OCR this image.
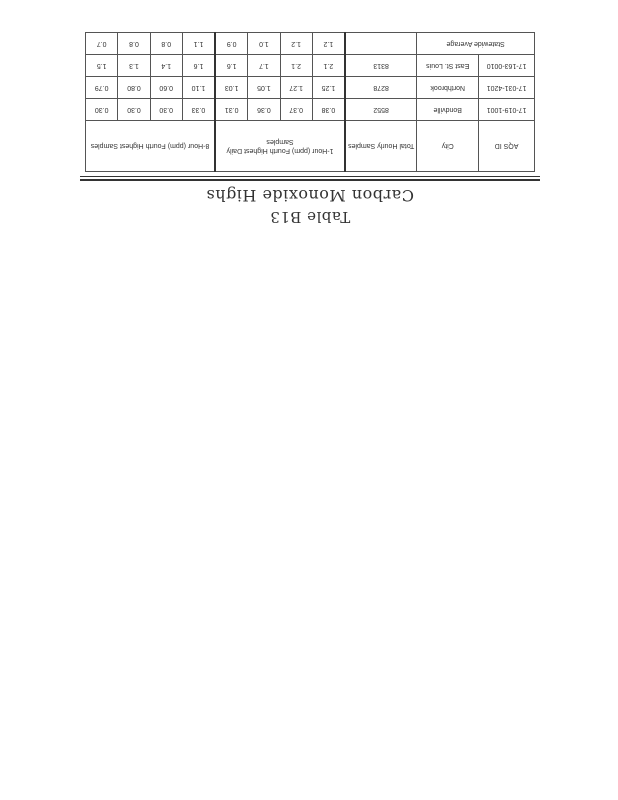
Table B13
Carbon Monoxide Highs
AQS ID	City	Total Hourly Samples	1-Hour (ppm) Fourth Highest Daily Samples				8-Hour (ppm) Fourth Highest Samples			
17-019-1001	Bondville	8552	0.38	0.37	0.36	0.31	0.33	0.30	0.30	0.30
17-031-4201	Northbrook	8278	1.25	1.27	1.05	1.03	1.10	0.60	0.80	0.79
17-163-0010	East St. Louis	8313	2.1	2.1	1.7	1.6	1.6	1.4	1.3	1.5
Statewide Average			1.2	1.2	1.0	0.9	1.1	0.8	0.8	0.7
